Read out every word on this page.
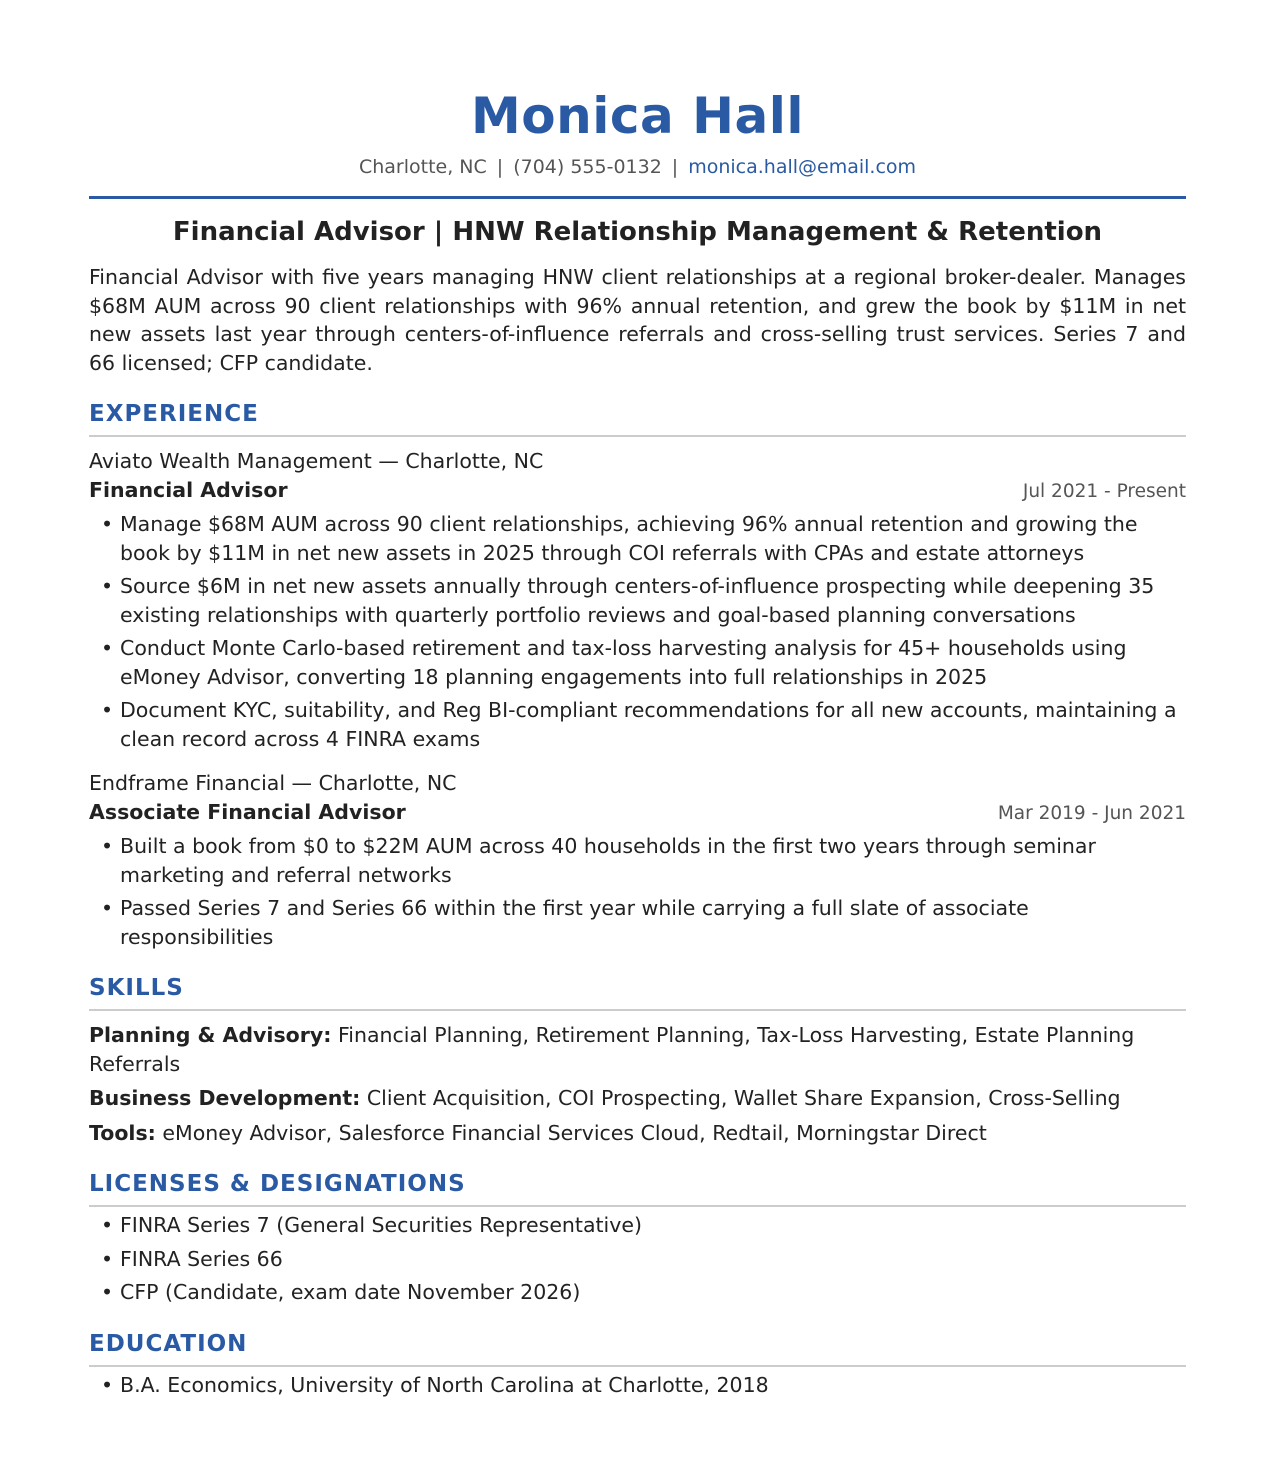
Monica Hall
Charlotte, NC | (704) 555-0132 | monica.hall@email.com
Financial Advisor | HNW Relationship Management & Retention
Financial Advisor with five years managing HNW client relationships at a regional broker-dealer. Manages $68M AUM across 90 client relationships with 96% annual retention, and grew the book by $11M in net new assets last year through centers-of-influence referrals and cross-selling trust services. Series 7 and 66 licensed; CFP candidate.
EXPERIENCE
Aviato Wealth Management — Charlotte, NC
Financial Advisor	Jul 2021 - Present
• Manage $68M AUM across 90 client relationships, achieving 96% annual retention and growing the book by $11M in net new assets in 2025 through COI referrals with CPAs and estate attorneys
• Source $6M in net new assets annually through centers-of-influence prospecting while deepening 35 existing relationships with quarterly portfolio reviews and goal-based planning conversations
• Conduct Monte Carlo-based retirement and tax-loss harvesting analysis for 45+ households using eMoney Advisor, converting 18 planning engagements into full relationships in 2025
• Document KYC, suitability, and Reg BI-compliant recommendations for all new accounts, maintaining a clean record across 4 FINRA exams
Endframe Financial — Charlotte, NC
Associate Financial Advisor	Mar 2019 - Jun 2021
• Built a book from $0 to $22M AUM across 40 households in the first two years through seminar marketing and referral networks
• Passed Series 7 and Series 66 within the first year while carrying a full slate of associate responsibilities
SKILLS
Planning & Advisory: Financial Planning, Retirement Planning, Tax-Loss Harvesting, Estate Planning Referrals
Business Development: Client Acquisition, COI Prospecting, Wallet Share Expansion, Cross-Selling
Tools: eMoney Advisor, Salesforce Financial Services Cloud, Redtail, Morningstar Direct
LICENSES & DESIGNATIONS
• FINRA Series 7 (General Securities Representative)
• FINRA Series 66
• CFP (Candidate, exam date November 2026)
EDUCATION
• B.A. Economics, University of North Carolina at Charlotte, 2018
